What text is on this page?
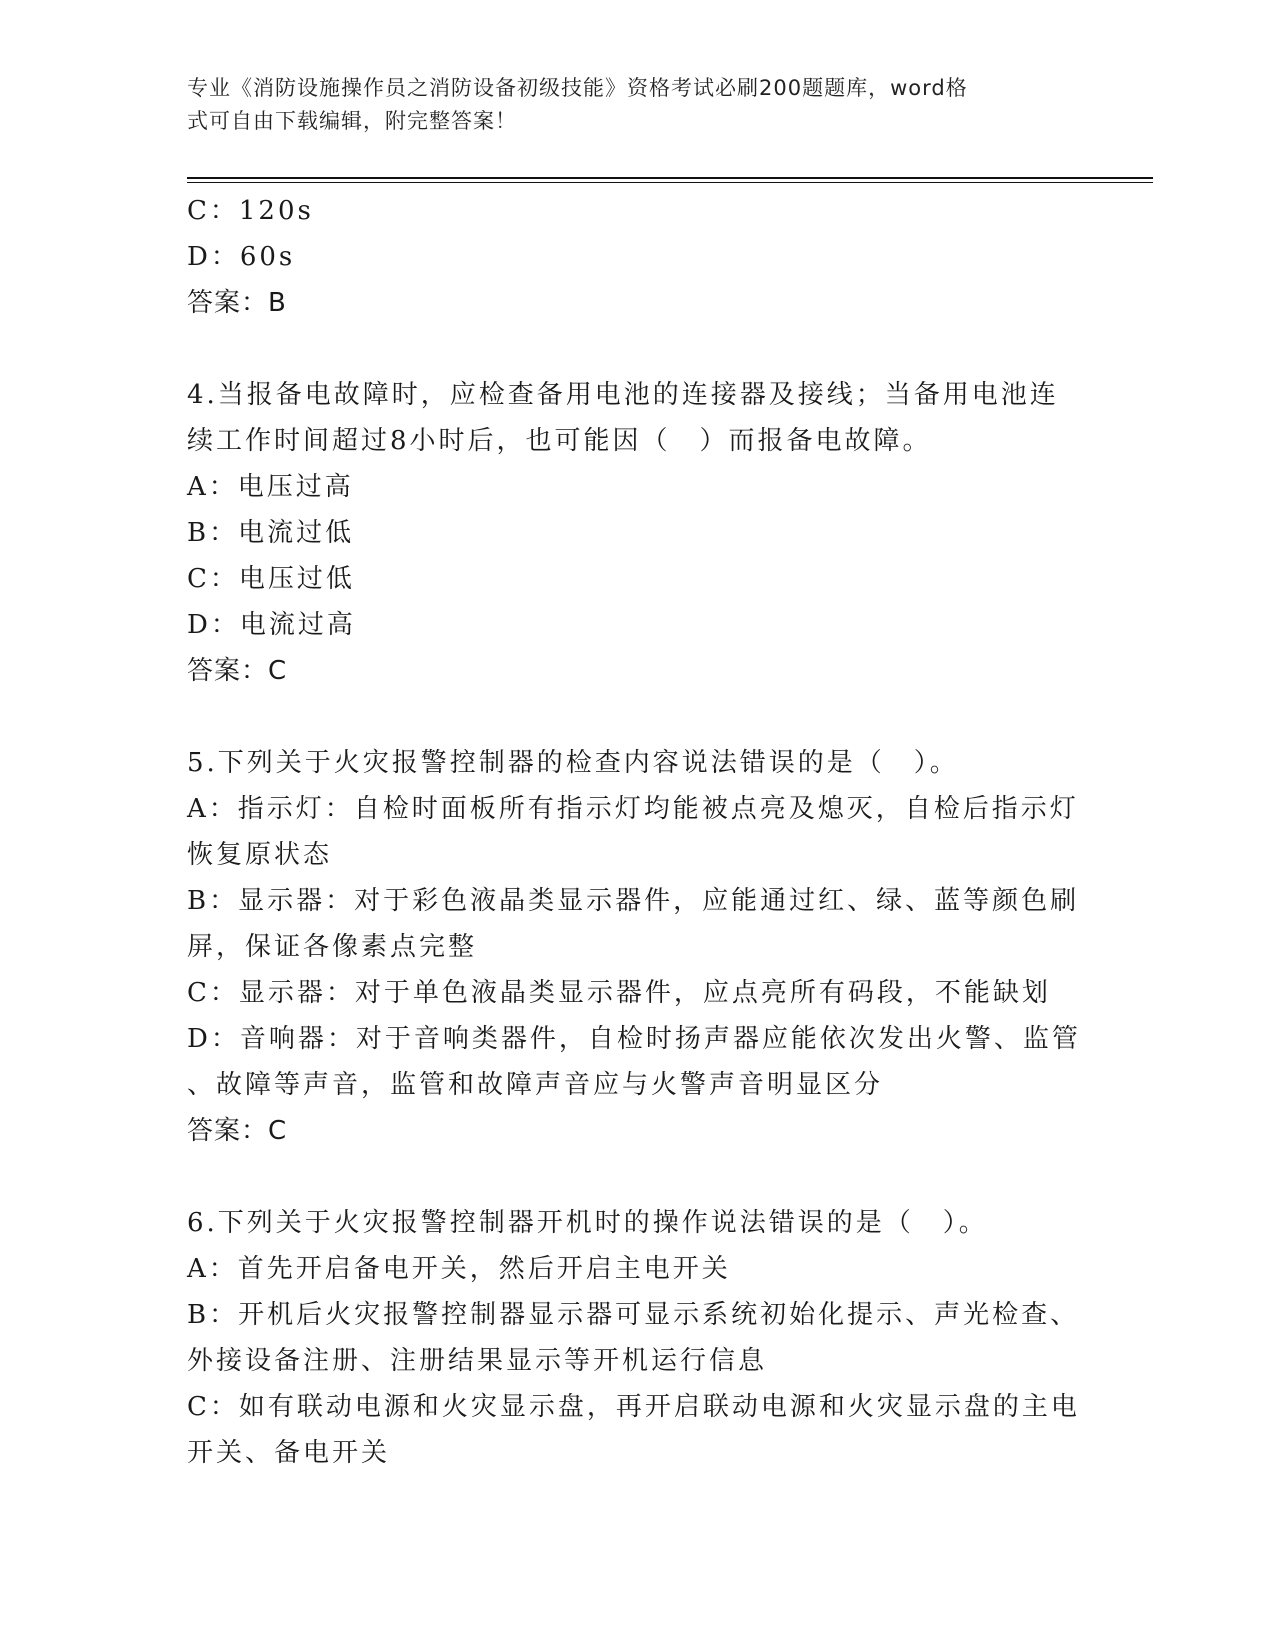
专业《消防设施操作员之消防设备初级技能》资格考试必刷200题题库，word格
式可自由下载编辑，附完整答案！
C：120s
D：60s
答案：B
4.当报备电故障时，应检查备用电池的连接器及接线；当备用电池连
续工作时间超过8小时后，也可能因（　）而报备电故障。
A：电压过高
B：电流过低
C：电压过低
D：电流过高
答案：C
5.下列关于火灾报警控制器的检查内容说法错误的是（　）。
A：指示灯：自检时面板所有指示灯均能被点亮及熄灭，自检后指示灯
恢复原状态
B：显示器：对于彩色液晶类显示器件，应能通过红、绿、蓝等颜色刷
屏，保证各像素点完整
C：显示器：对于单色液晶类显示器件，应点亮所有码段，不能缺划
D：音响器：对于音响类器件，自检时扬声器应能依次发出火警、监管
、故障等声音，监管和故障声音应与火警声音明显区分
答案：C
6.下列关于火灾报警控制器开机时的操作说法错误的是（　）。
A：首先开启备电开关，然后开启主电开关
B：开机后火灾报警控制器显示器可显示系统初始化提示、声光检查、
外接设备注册、注册结果显示等开机运行信息
C：如有联动电源和火灾显示盘，再开启联动电源和火灾显示盘的主电
开关、备电开关
